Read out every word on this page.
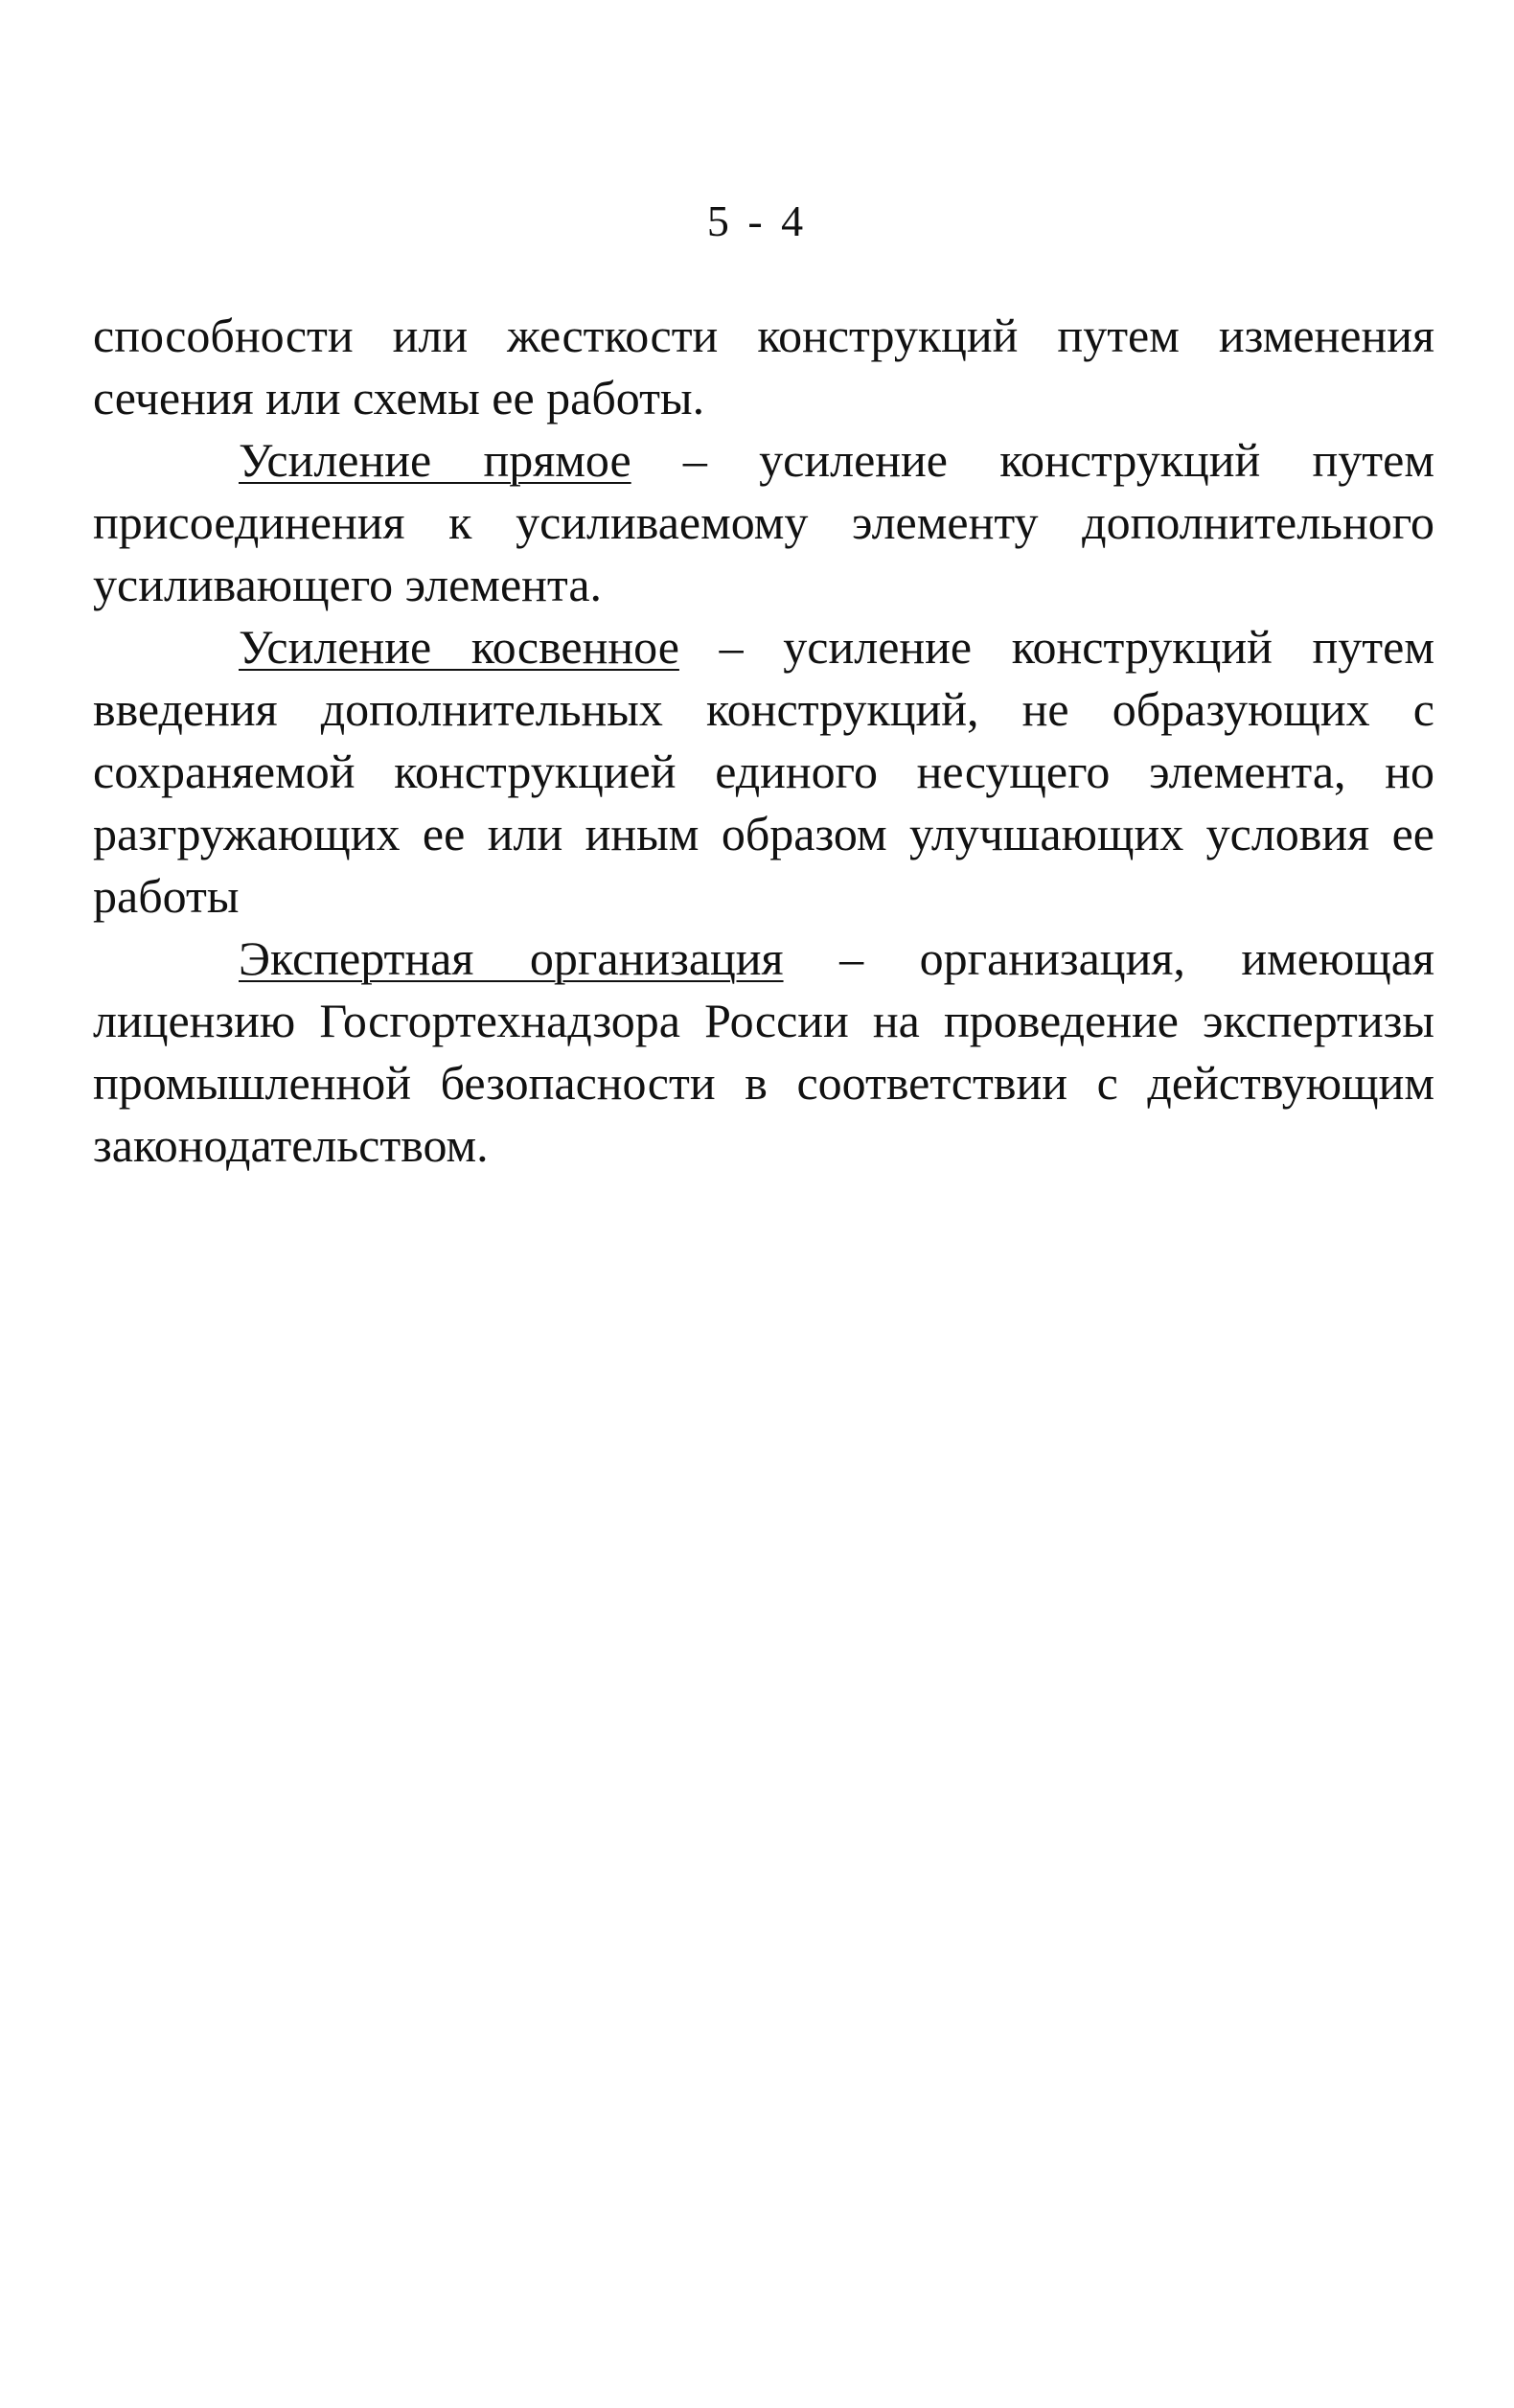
5 - 4

способности или жесткости конструкций путем изменения сечения или схемы ее работы.

Усиление прямое – усиление конструкций путем присоединения к усиливаемому элементу дополнительного усиливающего элемента.

Усиление косвенное – усиление конструкций путем введения дополнительных конструкций, не образующих с сохраняемой конструкцией единого несущего элемента, но разгружающих ее или иным образом улучшающих условия ее работы

Экспертная организация – организация, имеющая лицензию Госгортехнадзора России на проведение экспертизы промышленной безопасности в соответствии с действующим законодательством.
